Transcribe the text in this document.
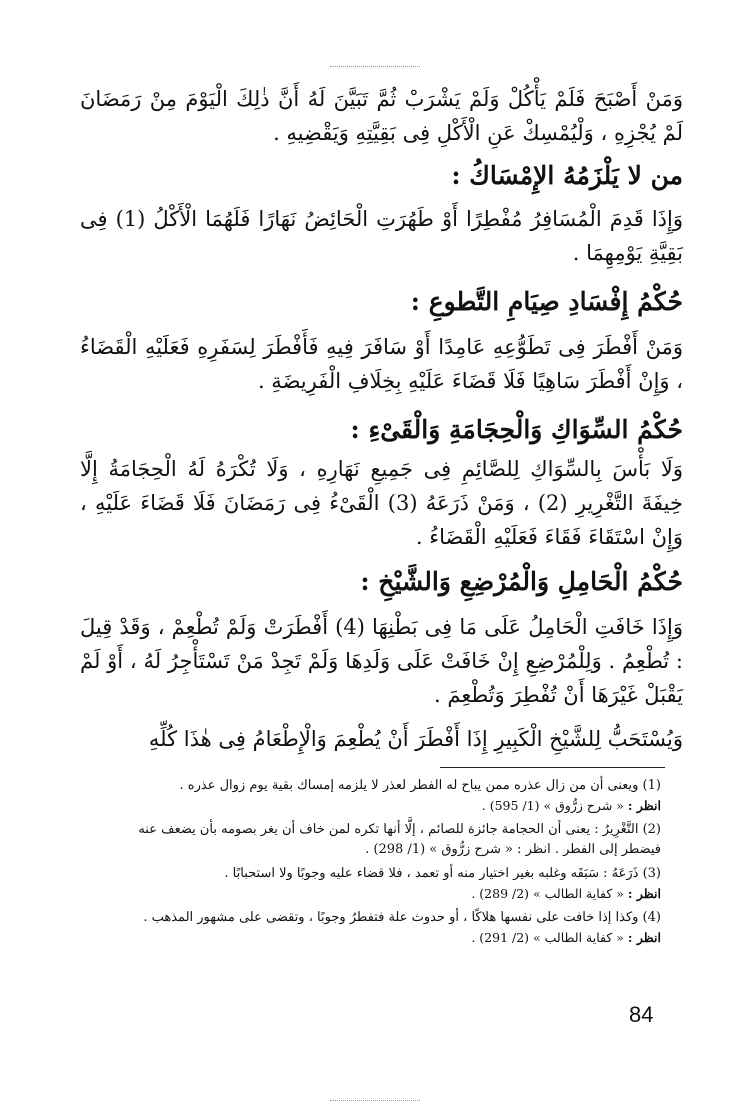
وَمَنْ أَصْبَحَ فَلَمْ يَأْكُلْ وَلَمْ يَشْرَبْ ثُمَّ تَبَيَّنَ لَهُ أَنَّ ذٰلِكَ الْيَوْمَ مِنْ رَمَضَانَ لَمْ يُجْزِهِ ، وَلْيُمْسِكْ عَنِ الْأَكْلِ فِى بَقِيَّتِهِ وَيَقْضِيهِ .
من لا يَلْزَمُهُ الإِمْسَاكُ :
وَإِذَا قَدِمَ الْمُسَافِرُ مُفْطِرًا أَوْ طَهُرَتِ الْحَائِضُ نَهَارًا فَلَهُمَا الْأَكْلُ (1) فِى بَقِيَّةِ يَوْمِهِمَا .
حُكْمُ إِفْسَادِ صِيَامِ التَّطوعِ :
وَمَنْ أَفْطَرَ فِى تَطَوُّعِهِ عَامِدًا أَوْ سَافَرَ فِيهِ فَأَفْطَرَ لِسَفَرِهِ فَعَلَيْهِ الْقَضَاءُ ، وَإِنْ أَفْطَرَ سَاهِيًا فَلَا قَضَاءَ عَلَيْهِ بِخِلَافِ الْفَرِيضَةِ .
حُكْمُ السِّوَاكِ وَالْحِجَامَةِ وَالْقَىْءِ :
وَلَا بَأْسَ بِالسِّوَاكِ لِلصَّائِمِ فِى جَمِيعِ نَهَارِهِ ، وَلَا تُكْرَهُ لَهُ الْحِجَامَةُ إِلَّا خِيفَةَ التَّغْرِيرِ (2) ، وَمَنْ ذَرَعَهُ (3) الْقَىْءُ فِى رَمَضَانَ فَلَا قَضَاءَ عَلَيْهِ ، وَإِنْ اسْتَقَاءَ فَقَاءَ فَعَلَيْهِ الْقَضَاءُ .
حُكْمُ الْحَامِلِ وَالْمُرْضِعِ وَالشَّيْخِ :
وَإِذَا خَافَتِ الْحَامِلُ عَلَى مَا فِى بَطْنِهَا (4) أَفْطَرَتْ وَلَمْ تُطْعِمْ ، وَقَدْ قِيلَ : تُطْعِمُ . وَلِلْمُرْضِعِ إِنْ خَافَتْ عَلَى وَلَدِهَا وَلَمْ تَجِدْ مَنْ تَسْتَأْجِرُ لَهُ ، أَوْ لَمْ يَقْبَلْ غَيْرَهَا أَنْ تُفْطِرَ وَتُطْعِمَ .
وَيُسْتَحَبُّ لِلشَّيْخِ الْكَبِيرِ إِذَا أَفْطَرَ أَنْ يُطْعِمَ وَالْإِطْعَامُ فِى هٰذَا كُلِّهِ

(1) ويعنى أن من زال عذره ممن يباح له الفطر لعذر لا يلزمه إمساك بقية يوم زوال عذره .

انظر : « شرح زرُّوق » (1/ 595) .

(2) التَّغْرِيرُ : يعنى أن الحجامة جائزة للصائم ، إلَّا أنها تكره لمن خاف أن يغر بصومه بأن يضعف عنه فيضطر إلى الفطر . انظر : « شرح زرُّوق » (1/ 298) .

(3) ذَرَعَهُ : سَبَقَه وغلبه بغير اختيار منه أو تعمد ، فلا قضاء عليه وجوبًا ولا استحبابًا .

انظر : « كفاية الطالب » (2/ 289) .

(4) وكذا إذا خافت على نفسها هلاكًا ، أو حدوث علة فتفطرُ وجوبًا ، وتقضى على مشهور المذهب .

انظر : « كفاية الطالب » (2/ 291) .

84
